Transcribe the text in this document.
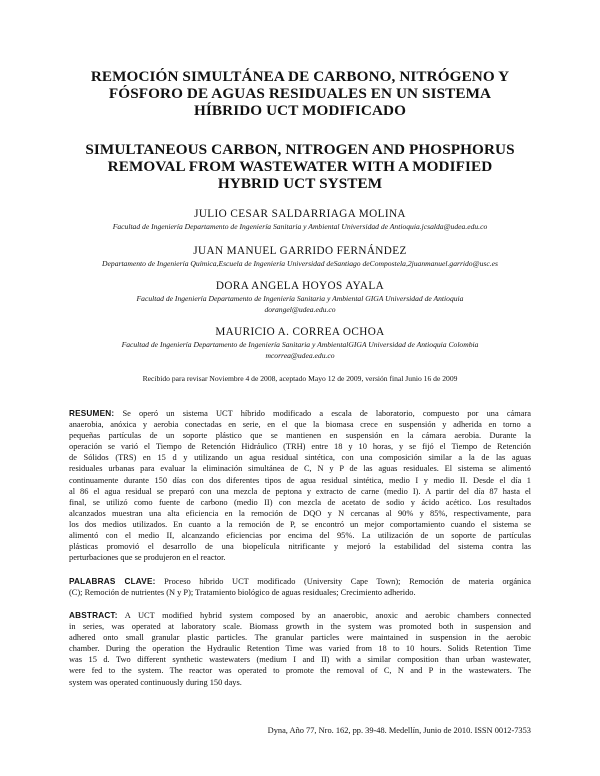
REMOCIÓN SIMULTÁNEA DE CARBONO, NITRÓGENO Y
FÓSFORO DE AGUAS RESIDUALES EN UN SISTEMA
HÍBRIDO UCT MODIFICADO
SIMULTANEOUS CARBON, NITROGEN AND PHOSPHORUS
REMOVAL FROM WASTEWATER WITH A MODIFIED
HYBRID UCT SYSTEM
JULIO CESAR SALDARRIAGA MOLINA
Facultad de Ingeniería Departamento de Ingeniería Sanitaria y Ambiental Universidad de Antioquia.jcsalda@udea.edu.co
JUAN MANUEL GARRIDO FERNÁNDEZ
Departamento de Ingeniería Química,Escuela de Ingeniería Universidad deSantiago deCompostela,2juanmanuel.garrido@usc.es
DORA ANGELA HOYOS AYALA
Facultad de Ingeniería Departamento de Ingeniería Sanitaria y Ambiental GIGA Universidad de Antioquia
dorangel@udea.edu.co
MAURICIO A. CORREA OCHOA
Facultad de Ingeniería Departamento de Ingeniería Sanitaria y AmbientalGIGA Universidad de Antioquia Colombia
mcorrea@udea.edu.co
Recibido para revisar Noviembre 4 de 2008, aceptado Mayo 12 de 2009, versión final Junio 16 de 2009
RESUMEN: Se operó un sistema UCT híbrido modificado a escala de laboratorio, compuesto por una cámara
anaerobia, anóxica y aerobia conectadas en serie, en el que la biomasa crece en suspensión y adherida en torno a
pequeñas partículas de un soporte plástico que se mantienen en suspensión en la cámara aerobia. Durante la
operación se varió el Tiempo de Retención Hidráulico (TRH) entre 18 y 10 horas, y se fijó el Tiempo de Retención
de Sólidos (TRS) en 15 d y utilizando un agua residual sintética, con una composición similar a la de las aguas
residuales urbanas para evaluar la eliminación simultánea de C, N y P de las aguas residuales. El sistema se alimentó
continuamente durante 150 días con dos diferentes tipos de agua residual sintética, medio I y medio II. Desde el día 1
al 86 el agua residual se preparó con una mezcla de peptona y extracto de carne (medio I). A partir del día 87 hasta el
final, se utilizó como fuente de carbono (medio II) con mezcla de acetato de sodio y ácido acético. Los resultados
alcanzados muestran una alta eficiencia en la remoción de DQO y N cercanas al 90% y 85%, respectivamente, para
los dos medios utilizados. En cuanto a la remoción de P, se encontró un mejor comportamiento cuando el sistema se
alimentó con el medio II, alcanzando eficiencias por encima del 95%. La utilización de un soporte de partículas
plásticas promovió el desarrollo de una biopelícula nitrificante y mejoró la estabilidad del sistema contra las
perturbaciones que se produjeron en el reactor.
PALABRAS CLAVE: Proceso híbrido UCT modificado (University Cape Town); Remoción de materia orgánica
(C); Remoción de nutrientes (N y P); Tratamiento biológico de aguas residuales; Crecimiento adherido.
ABSTRACT: A UCT modified hybrid system composed by an anaerobic, anoxic and aerobic chambers connected
in series, was operated at laboratory scale. Biomass growth in the system was promoted both in suspension and
adhered onto small granular plastic particles. The granular particles were maintained in suspension in the aerobic
chamber. During the operation the Hydraulic Retention Time was varied from 18 to 10 hours. Solids Retention Time
was 15 d. Two different synthetic wastewaters (medium I and II) with a similar composition than urban wastewater,
were fed to the system. The reactor was operated to promote the removal of C, N and P in the wastewaters. The
system was operated continuously during 150 days.
Dyna, Año 77, Nro. 162, pp. 39-48. Medellín, Junio de 2010. ISSN 0012-7353
